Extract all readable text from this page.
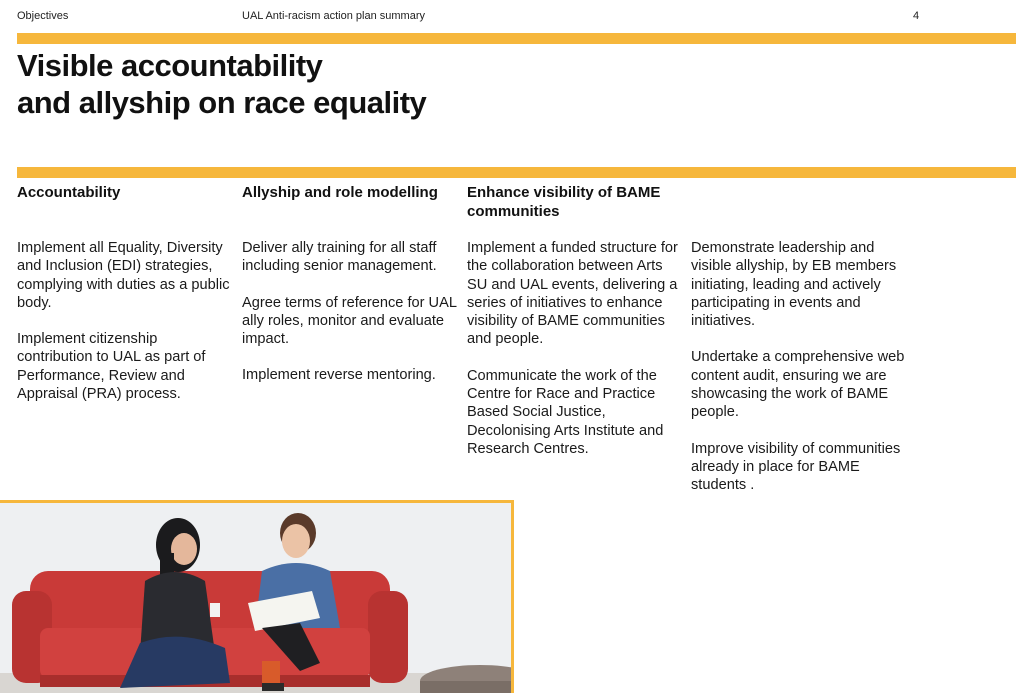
Objectives	UAL Anti-racism action plan summary	4
Visible accountability
and allyship on race equality
Accountability

Implement all Equality, Diversity and Inclusion (EDI) strategies, complying with duties as a public body.

Implement citizenship contribution to UAL as part of Performance, Review and Appraisal (PRA) process.

Allyship and role modelling

Deliver ally training for all staff including senior management.

Agree terms of reference for UAL ally roles, monitor and evaluate impact.

Implement reverse mentoring.

Enhance visibility of BAME communities

Implement a funded structure for the collaboration between Arts SU and UAL events, delivering a series of initiatives to enhance visibility of BAME communities and people.

Communicate the work of the Centre for Race and Practice Based Social Justice, Decolonising Arts Institute and Research Centres.

Demonstrate leadership and visible allyship, by EB members initiating, leading and actively participating in events and initiatives.

Undertake a comprehensive web content audit, ensuring we are showcasing the work of BAME people.

Improve visibility of communities already in place for BAME students .
